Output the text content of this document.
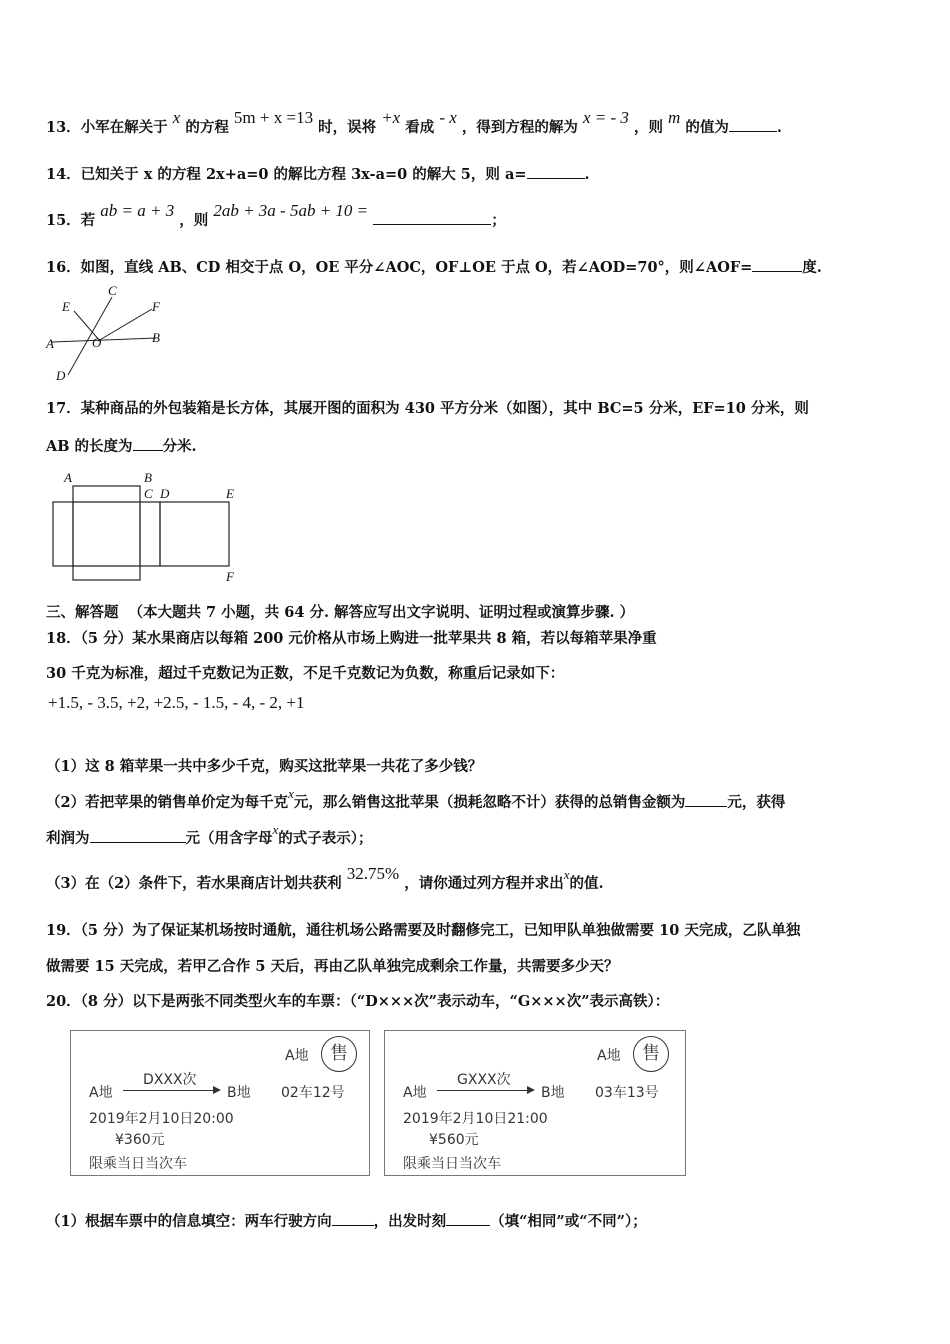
13．小军在解关于 x 的方程 5m + x =13 时，误将 +x 看成 - x ，得到方程的解为 x = - 3 ，则 m 的值为	.
14．已知关于 x 的方程 2x+a=0 的解比方程 3x-a=0 的解大 5，则 a=	.
15．若 ab = a + 3 ，则 2ab + 3a - 5ab + 10 = ；
16．如图，直线 AB、CD 相交于点 O，OE 平分∠AOC，OF⊥OE 于点 O，若∠AOD=70°，则∠AOF=	度.
E
C
F
A	O	B
D
17．某种商品的外包装箱是长方体，其展开图的面积为 430 平方分米（如图），其中 BC=5 分米，EF=10 分米，则
AB 的长度为 分米.
A	B
C D	E
F
三、解答题 （本大题共 7 小题，共 64 分. 解答应写出文字说明、证明过程或演算步骤. ）
18．（5 分）某水果商店以每箱 200 元价格从市场上购进一批苹果共 8 箱，若以每箱苹果净重
30 千克为标准，超过千克数记为正数，不足千克数记为负数，称重后记录如下：
+1.5, - 3.5, +2, +2.5, - 1.5, - 4, - 2, +1
（1）这 8 箱苹果一共中多少千克，购买这批苹果一共花了多少钱？
（2）若把苹果的销售单价定为每千克x元，那么销售这批苹果（损耗忽略不计）获得的总销售金额为	元，获得
利润为	元（用含字母x的式子表示）；
（3）在（2）条件下，若水果商店计划共获利 32.75% ，请你通过列方程并求出x的值.
19．（5 分）为了保证某机场按时通航，通往机场公路需要及时翻修完工，已知甲队单独做需要 10 天完成，乙队单独
做需要 15 天完成，若甲乙合作 5 天后，再由乙队单独完成剩余工作量，共需要多少天？
20．（8 分）以下是两张不同类型火车的车票：（“D×××次”表示动车，“G×××次”表示高铁）：
A地	售
DXXX次
A地	B地 02车12号
2019年2月10日20:00
¥360元
限乘当日当次车
A地	售
GXXX次
A地	B地 03车13号
2019年2月10日21:00
¥560元
限乘当日当次车
（1）根据车票中的信息填空：两车行驶方向	，出发时刻	（填“相同”或“不同”）；
